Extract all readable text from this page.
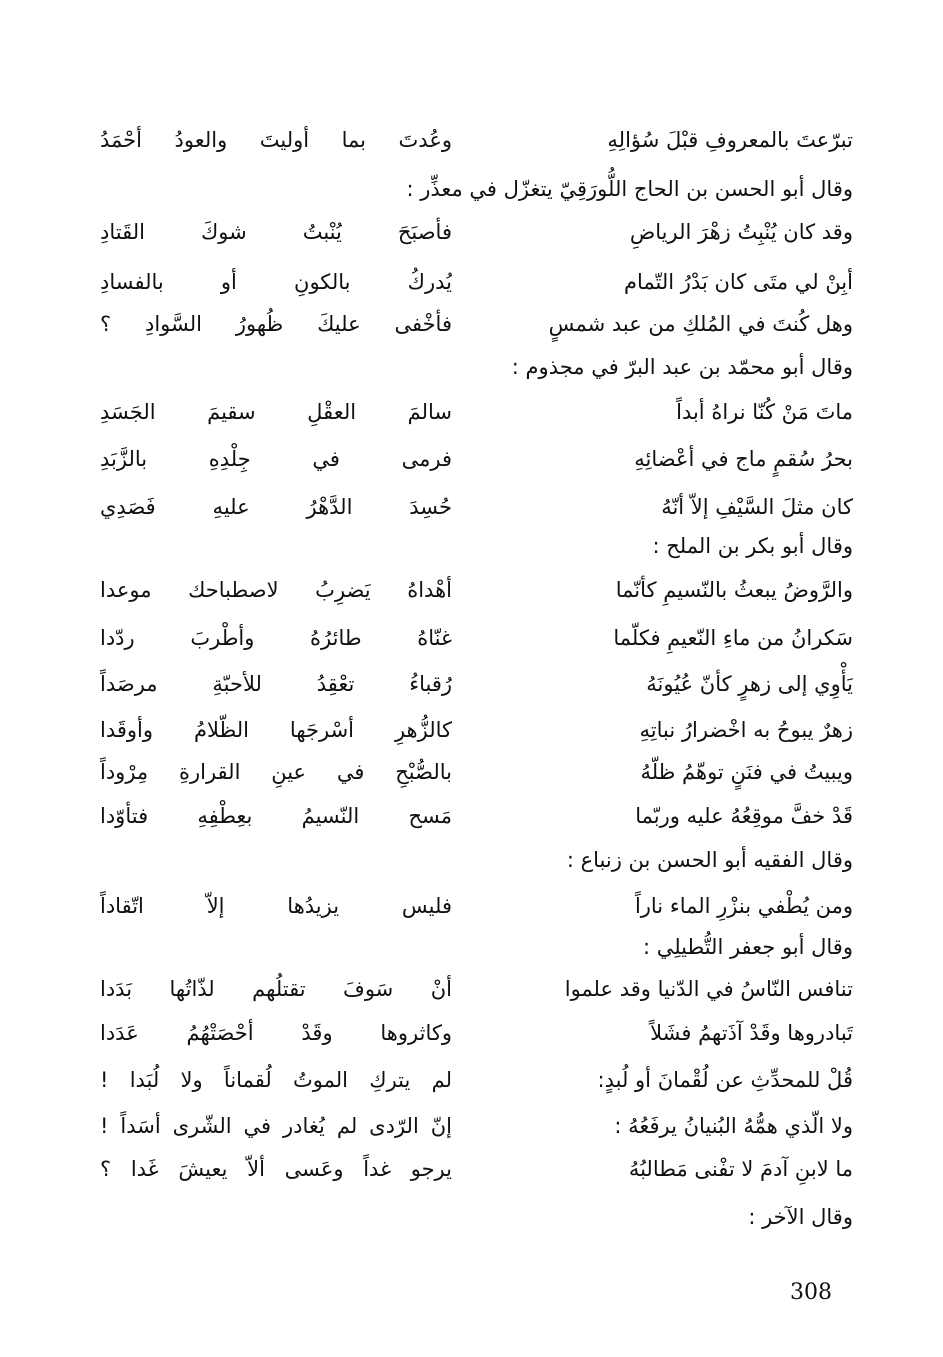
تبرّعتَ بالمعروفِ قبْلَ سُؤالِهِ
وعُدتَ بما أوليتَ والعودُ أحْمَدُ
وقال أبو الحسن بن الحاج اللُّورَقِيّ يتغزّل في معذِّر :
وقد كان يُنْبِتُ زهْرَ الرياضِ
فأصبَحَ يُنْبتُ شوكَ القَتادِ
أبِنْ لي متَى كان بَدْرُ التّمام
يُدركُ بالكونِ أو بالفسادِ
وهل كُنتَ في المُلكِ من عبد شمسٍ
فأخْفى عليكَ ظُهورُ السَّوادِ ؟
وقال أبو محمّد بن عبد البرّ في مجذوم :
ماتَ مَنْ كُنّا نراهُ أبداً
سالمَ العقْلِ سقيمَ الجَسَدِ
بحرُ سُقمٍ ماج في أعْضائِهِ
فرمى في جِلْدِهِ بالزَّبَدِ
كان مثلَ السَّيْفِ إلاّ أنّهُ
حُسِدَ الدَّهْرُ عليهِ فَصَدِي
وقال أبو بكر بن الملح :
والرَّوضُ يبعثُ بالنّسيمِ كأنّما
أهْداهُ يَضرِبُ لاصطباحك موعدا
سَكرانُ من ماءِ النّعيمِ فكلّما
غنّاهُ طائرُهُ وأطْربَ ردّدا
يَأْوِي إلى زهرٍ كأنّ عُيُونَهُ
رُقباءُ تعْقِدُ للأحبّةِ مرصَداً
زهرٌ يبوحُ به اخْضرارُ نباتِهِ
كالزُّهرِ أسْرجَها الظّلامُ وأوقَدا
ويبيتُ في فنَنٍ توهّمُ ظلّهُ
بالصُّبْحِ في عينِ القرارةِ مِرْوداً
قَدْ خفَّ موقِعُهُ عليه وربّما
مَسح النّسيمُ بعِطْفِهِ فتأوّدا
وقال الفقيه أبو الحسن بن زنباع :
ومن يُطْفي بنزْرِ الماء ناراً
فليس يزيدُها إلاّ اتّقاداً
وقال أبو جعفر التُّطيلِي :
تنافس النّاسُ في الدّنيا وقد علموا
أنْ سَوفَ تقتلُهم لذّاتُها بَدَدا
تَبادروها وقَدْ آذَتهمُ فشَلاً
وكاثروها وقَدْ أحْصَتْهُمُ عَدَدا
قُلْ للمحدِّثِ عن لُقْمانَ أو لُبدٍ:
لم يتركِ الموتُ لُقماناً ولا لُبَدا !
ولا الّذي همُّهُ البُنيانُ يرفَعُهُ :
إنّ الرّدى لم يُغادر في الشّرى أسَداً !
ما لابنِ آدمَ لا تفْنى مَطالبُهُ
يرجو غداً وعَسى ألاّ يعيشَ غَدا ؟
وقال الآخر :
308
